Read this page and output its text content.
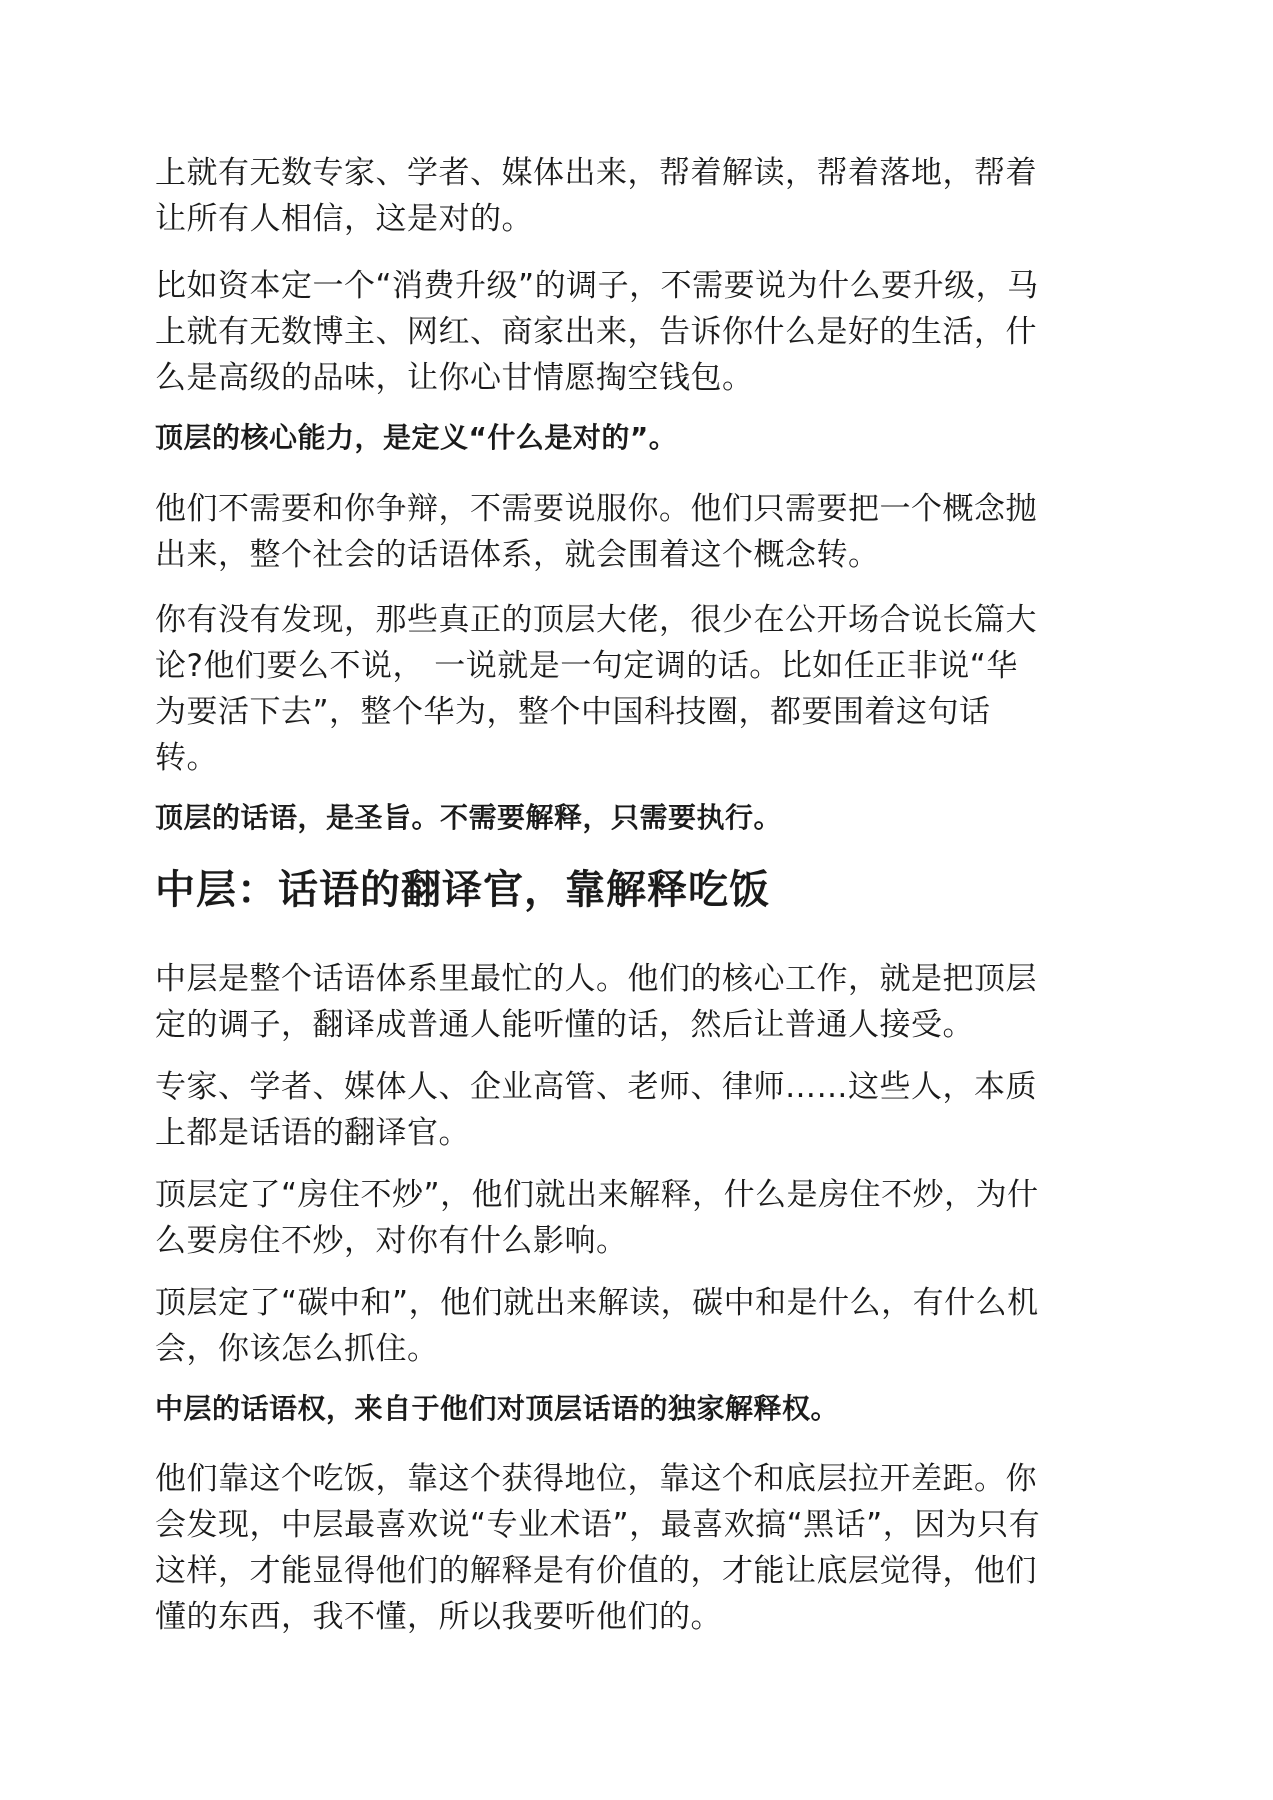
上就有无数专家、学者、媒体出来，帮着解读，帮着落地，帮着
让所有人相信，这是对的。
比如资本定一个“消费升级”的调子，不需要说为什么要升级，马
上就有无数博主、网红、商家出来，告诉你什么是好的生活，什
么是高级的品味，让你心甘情愿掏空钱包。
顶层的核心能力，是定义“什么是对的”。
他们不需要和你争辩，不需要说服你。他们只需要把一个概念抛
出来，整个社会的话语体系，就会围着这个概念转。
你有没有发现，那些真正的顶层大佬，很少在公开场合说长篇大
论?他们要么不说， 一说就是一句定调的话。比如任正非说“华
为要活下去”，整个华为，整个中国科技圈，都要围着这句话
转。
顶层的话语，是圣旨。不需要解释，只需要执行。
中层：话语的翻译官，靠解释吃饭
中层是整个话语体系里最忙的人。他们的核心工作，就是把顶层
定的调子，翻译成普通人能听懂的话，然后让普通人接受。
专家、学者、媒体人、企业高管、老师、律师……这些人，本质
上都是话语的翻译官。
顶层定了“房住不炒”，他们就出来解释，什么是房住不炒，为什
么要房住不炒，对你有什么影响。
顶层定了“碳中和”，他们就出来解读，碳中和是什么，有什么机
会，你该怎么抓住。
中层的话语权，来自于他们对顶层话语的独家解释权。
他们靠这个吃饭，靠这个获得地位，靠这个和底层拉开差距。你
会发现，中层最喜欢说“专业术语”，最喜欢搞“黑话”，因为只有
这样，才能显得他们的解释是有价值的，才能让底层觉得，他们
懂的东西，我不懂，所以我要听他们的。
